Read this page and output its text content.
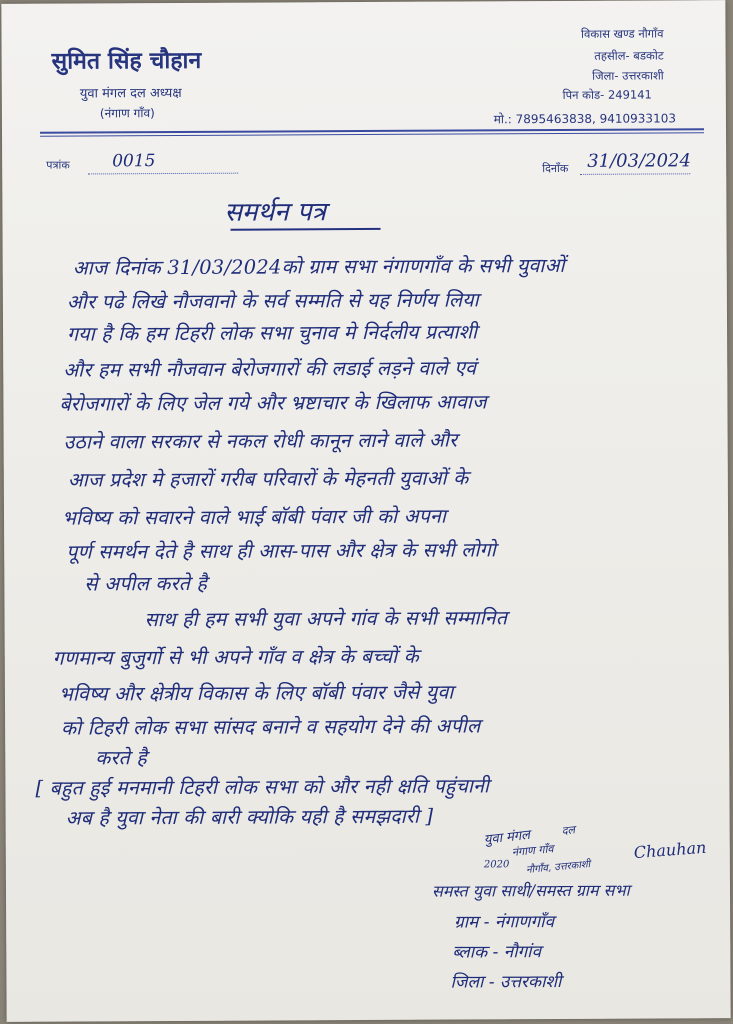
सुमित सिंह चौहान
युवा मंगल दल अध्यक्ष
(नंगाण गाँव)
विकास खण्ड नौगाँव
तहसील- बडकोट
जिला- उत्तरकाशी
पिन कोड- 249141
मो.: 7895463838, 9410933103
पत्रांक 0015	दिनाँक 31/03/2024
समर्थन पत्र
आज दिनांक 31/03/2024को ग्राम सभा नंगाणगाँव के सभी युवाओं
और पढे लिखे नौजवानो के सर्व सम्मति से यह निर्णय लिया
गया है कि हम टिहरी लोक सभा चुनाव मे निर्दलीय प्रत्याशी
और हम सभी नौजवान बेरोजगारों की लडाई लड़ने वाले एवं
बेरोजगारों के लिए जेल गये और भ्रष्टाचार के खिलाफ आवाज
उठाने वाला सरकार से नकल रोधी कानून लाने वाले और
आज प्रदेश मे हजारों गरीब परिवारों के मेहनती युवाओं के
भविष्य को सवारने वाले भाई बॉबी पंवार जी को अपना
पूर्ण समर्थन देते है साथ ही आस-पास और क्षेत्र के सभी लोगो
से अपील करते है
साथ ही हम सभी युवा अपने गांव के सभी सम्मानित
गणमान्य बुजुर्गो से भी अपने गाँव व क्षेत्र के बच्चों के
भविष्य और क्षेत्रीय विकास के लिए बॉबी पंवार जैसे युवा
को टिहरी लोक सभा सांसद बनाने व सहयोग देने की अपील
करते है
[ बहुत हुई मनमानी टिहरी लोक सभा को और नही क्षति पहुंचानी
अब है युवा नेता की बारी क्योकि यही है समझदारी ]
युवा मंगल	दल
नंगाण गाँव
नौगाँव, उत्तरकाशी
2020
Chauhan
समस्त युवा साथी/समस्त ग्राम सभा
ग्राम - नंगाणगाँव
ब्लाक - नौगांव
जिला - उत्तरकाशी
